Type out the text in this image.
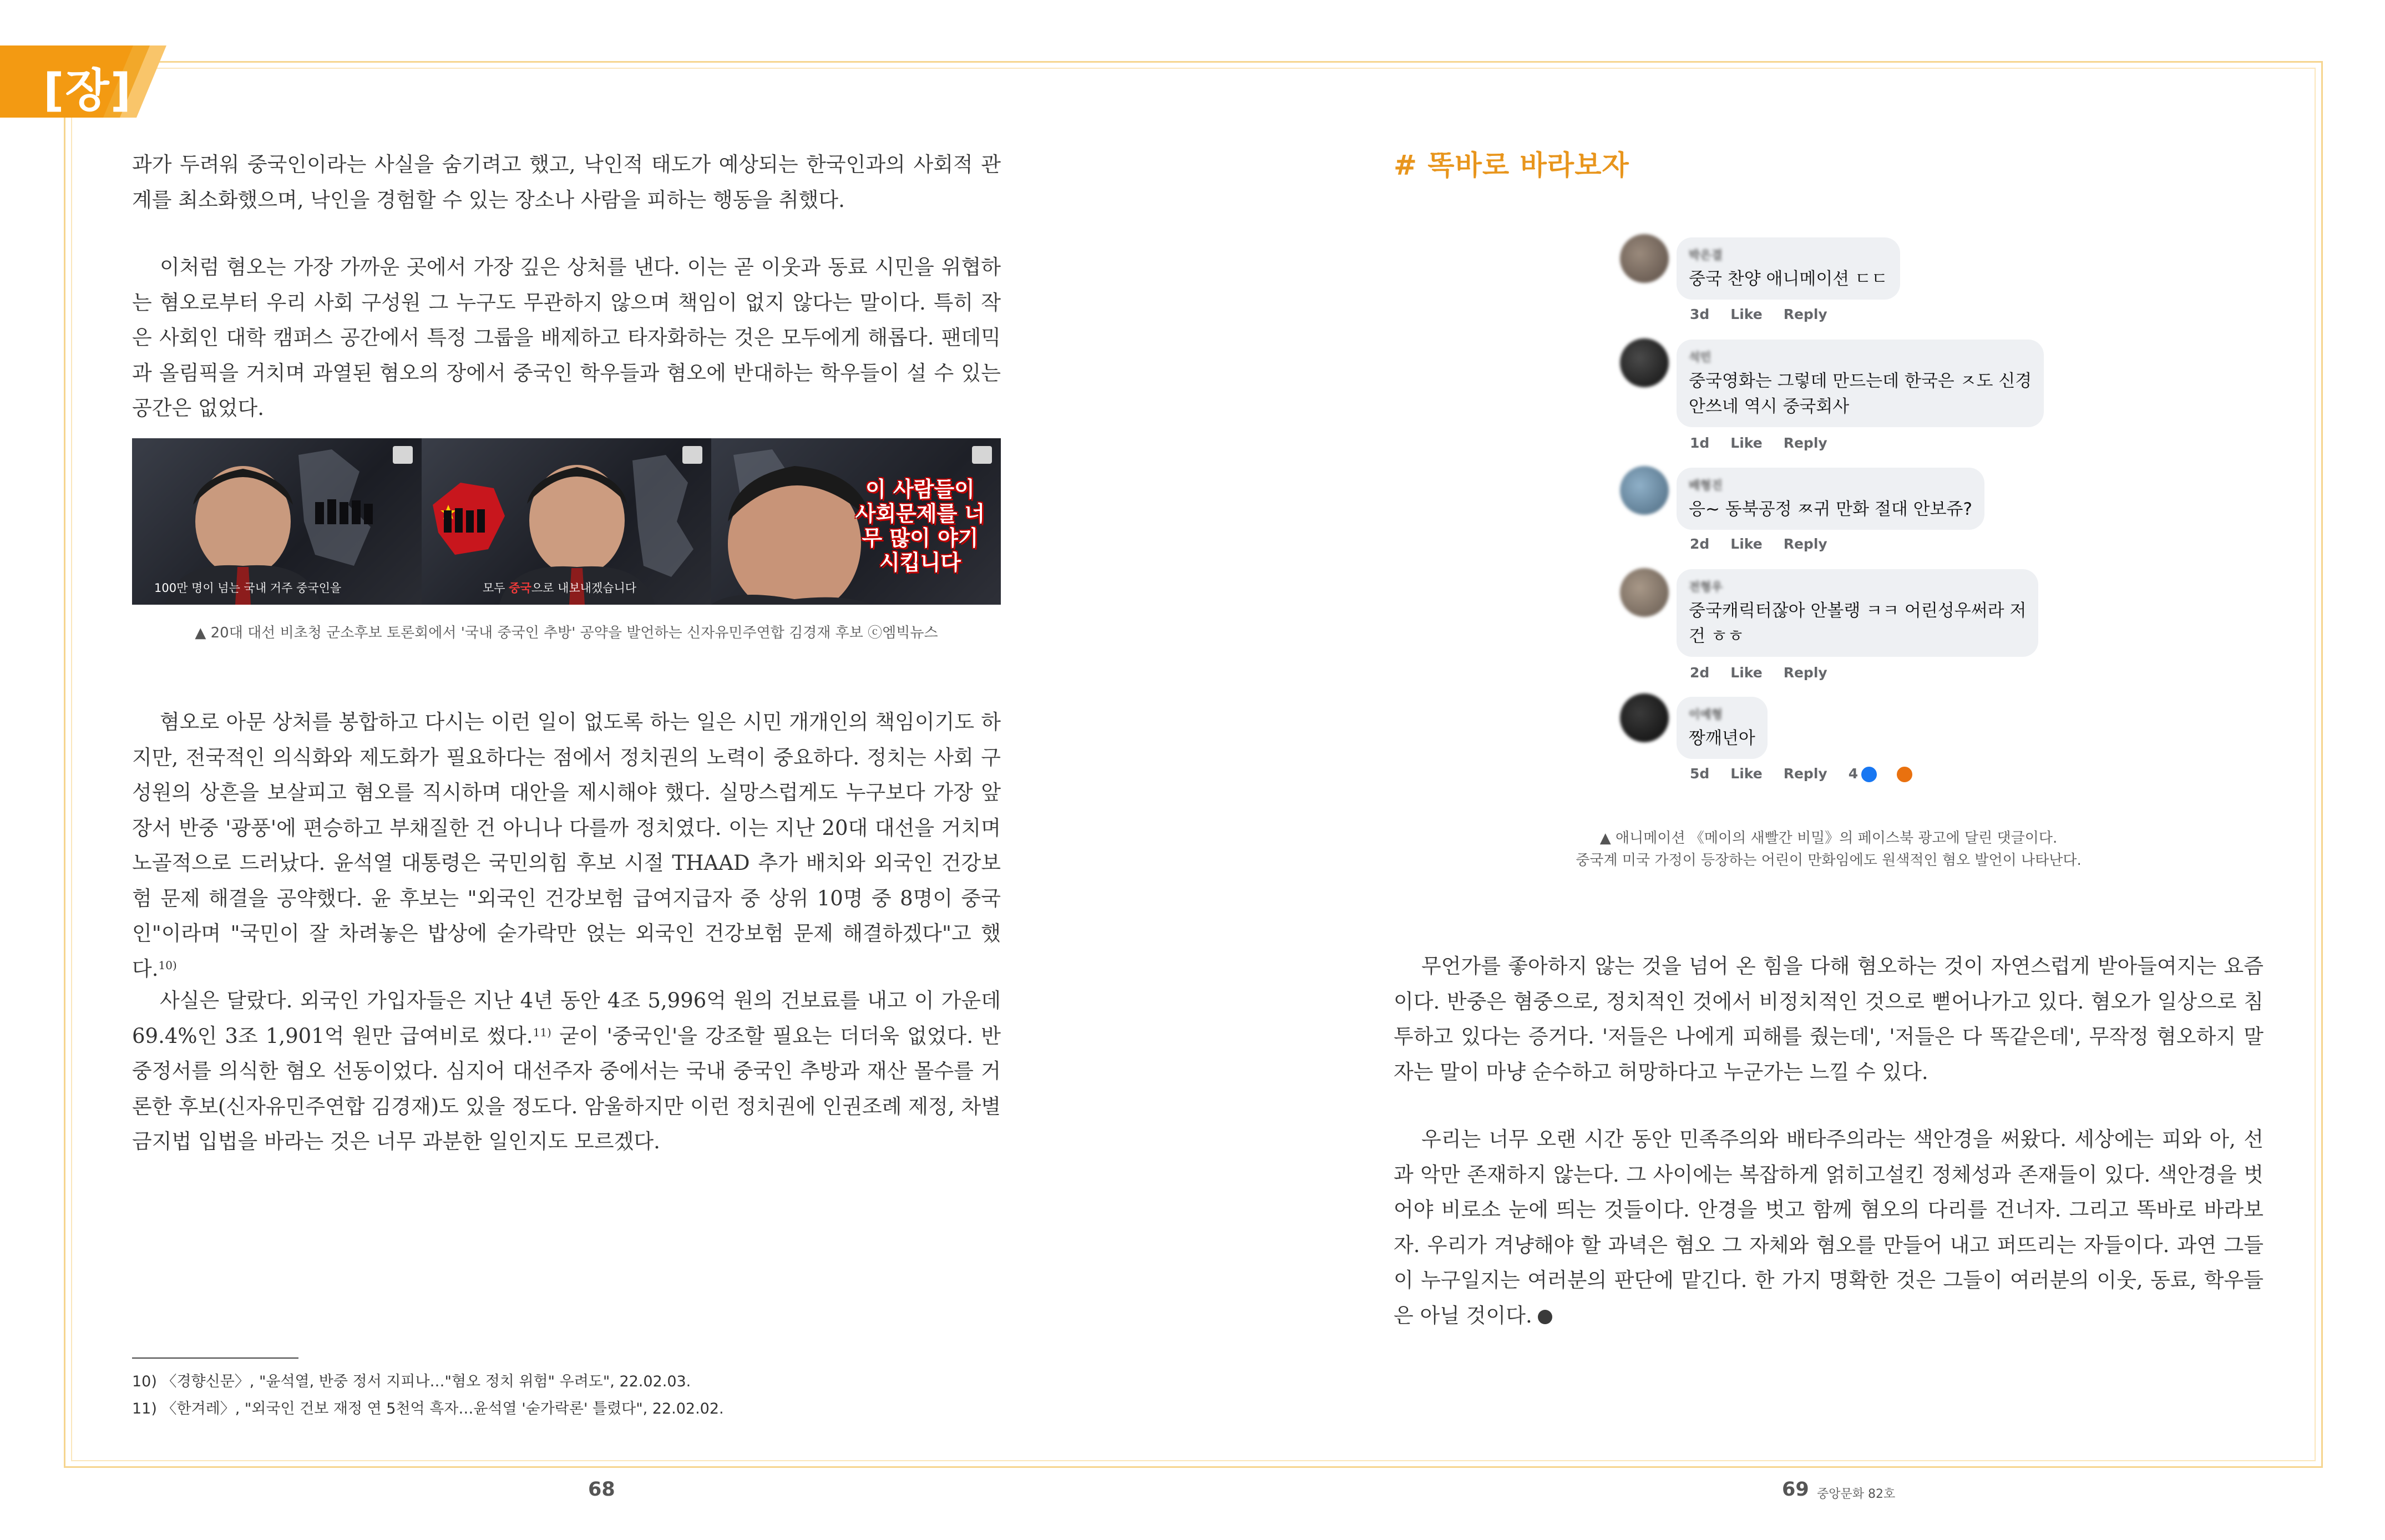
[장]

과가 두려워 중국인이라는 사실을 숨기려고 했고, 낙인적 태도가 예상되는 한국인과의 사회적 관계를 최소화했으며, 낙인을 경험할 수 있는 장소나 사람을 피하는 행동을 취했다.

이처럼 혐오는 가장 가까운 곳에서 가장 깊은 상처를 낸다. 이는 곧 이웃과 동료 시민을 위협하는 혐오로부터 우리 사회 구성원 그 누구도 무관하지 않으며 책임이 없지 않다는 말이다. 특히 작은 사회인 대학 캠퍼스 공간에서 특정 그룹을 배제하고 타자화하는 것은 모두에게 해롭다. 팬데믹과 올림픽을 거치며 과열된 혐오의 장에서 중국인 학우들과 혐오에 반대하는 학우들이 설 수 있는 공간은 없었다.

100만 명이 넘는 국내 거주 중국인을	모두 중국으로 내보내겠습니다
이 사람들이 사회문제를 너무 많이 야기시킵니다
▲ 20대 대선 비초청 군소후보 토론회에서 '국내 중국인 추방' 공약을 발언하는 신자유민주연합 김경재 후보 ⓒ엠빅뉴스

혐오로 아문 상처를 봉합하고 다시는 이런 일이 없도록 하는 일은 시민 개개인의 책임이기도 하지만, 전국적인 의식화와 제도화가 필요하다는 점에서 정치권의 노력이 중요하다. 정치는 사회 구성원의 상흔을 보살피고 혐오를 직시하며 대안을 제시해야 했다. 실망스럽게도 누구보다 가장 앞장서 반중 '광풍'에 편승하고 부채질한 건 아니나 다를까 정치였다. 이는 지난 20대 대선을 거치며 노골적으로 드러났다. 윤석열 대통령은 국민의힘 후보 시절 THAAD 추가 배치와 외국인 건강보험 문제 해결을 공약했다. 윤 후보는 "외국인 건강보험 급여지급자 중 상위 10명 중 8명이 중국인"이라며 "국민이 잘 차려놓은 밥상에 숟가락만 얹는 외국인 건강보험 문제 해결하겠다"고 했다.$^{10)}$

사실은 달랐다. 외국인 가입자들은 지난 4년 동안 4조 5,996억 원의 건보료를 내고 이 가운데 69.4%인 3조 1,901억 원만 급여비로 썼다.$^{11)}$ 굳이 '중국인'을 강조할 필요는 더더욱 없었다. 반중정서를 의식한 혐오 선동이었다. 심지어 대선주자 중에서는 국내 중국인 추방과 재산 몰수를 거론한 후보(신자유민주연합 김경재)도 있을 정도다. 암울하지만 이런 정치권에 인권조례 제정, 차별금지법 입법을 바라는 것은 너무 과분한 일인지도 모르겠다.

10) 〈경향신문〉, "윤석열, 반중 정서 지피나…"혐오 정치 위험" 우려도", 22.02.03.
11) 〈한겨레〉, "외국인 건보 재정 연 5천억 흑자…윤석열 '숟가락론' 틀렸다", 22.02.02.
68
# 똑바로 바라보자
박은결
중국 찬양 애니메이션 ㄷㄷ
3d Like Reply
석민
중국영화는 그렇데 만드는데 한국은 ㅈ도 신경
안쓰네 역시 중국회사
1d Like Reply
배형진
응~ 동북공정 ㅉ귀 만화 절대 안보쥬?
2d Like Reply
전형우
중국캐릭터잖아 안볼랭 ㅋㅋ 어린성우써라 저
건 ㅎㅎ
2d Like Reply
이예형
짱깨년아
5d Like Reply 4
▲ 애니메이션 《메이의 새빨간 비밀》의 페이스북 광고에 달린 댓글이다.
중국계 미국 가정이 등장하는 어린이 만화임에도 원색적인 혐오 발언이 나타난다.

무언가를 좋아하지 않는 것을 넘어 온 힘을 다해 혐오하는 것이 자연스럽게 받아들여지는 요즘이다. 반중은 혐중으로, 정치적인 것에서 비정치적인 것으로 뻗어나가고 있다. 혐오가 일상으로 침투하고 있다는 증거다. '저들은 나에게 피해를 줬는데', '저들은 다 똑같은데', 무작정 혐오하지 말자는 말이 마냥 순수하고 허망하다고 누군가는 느낄 수 있다.

우리는 너무 오랜 시간 동안 민족주의와 배타주의라는 색안경을 써왔다. 세상에는 피와 아, 선과 악만 존재하지 않는다. 그 사이에는 복잡하게 얽히고설킨 정체성과 존재들이 있다. 색안경을 벗어야 비로소 눈에 띄는 것들이다. 안경을 벗고 함께 혐오의 다리를 건너자. 그리고 똑바로 바라보자. 우리가 겨냥해야 할 과녁은 혐오 그 자체와 혐오를 만들어 내고 퍼뜨리는 자들이다. 과연 그들이 누구일지는 여러분의 판단에 맡긴다. 한 가지 명확한 것은 그들이 여러분의 이웃, 동료, 학우들은 아닐 것이다.

69 중앙문화 82호
